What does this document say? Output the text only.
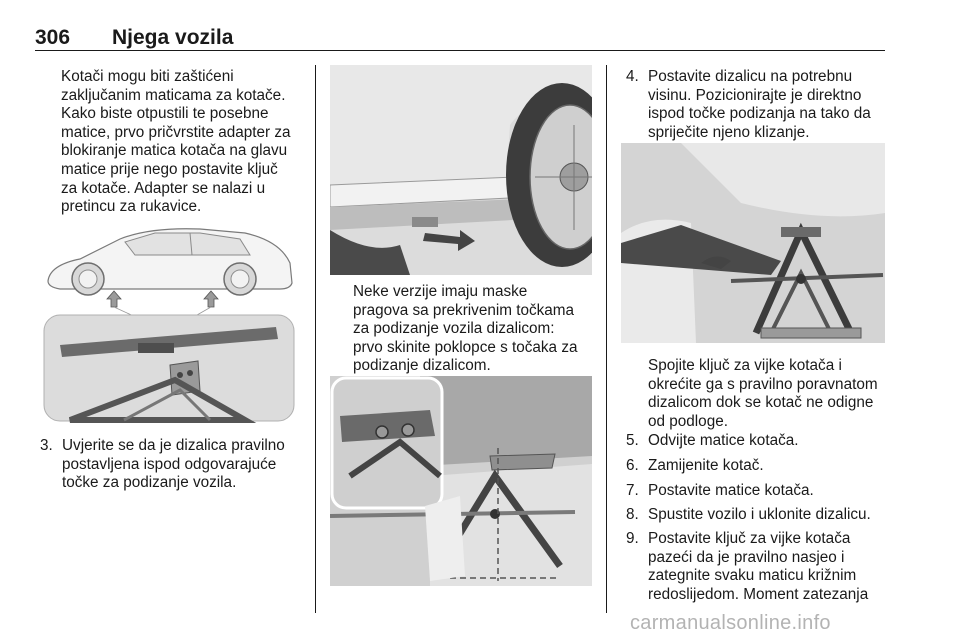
306 Njega vozila
Kotači mogu biti zaštićeni
zaključanim maticama za kotače.
Kako biste otpustili te posebne
matice, prvo pričvrstite adapter za
blokiranje matica kotača na glavu
matice prije nego postavite ključ
za kotače. Adapter se nalazi u
pretincu za rukavice.
3. Uvjerite se da je dizalica pravilno
postavljena ispod odgovarajuće
točke za podizanje vozila.
Neke verzije imaju maske
pragova sa prekrivenim točkama
za podizanje vozila dizalicom:
prvo skinite poklopce s točaka za
podizanje dizalicom.
4. Postavite dizalicu na potrebnu
visinu. Pozicionirajte je direktno
ispod točke podizanja na tako da
spriječite njeno klizanje.
Spojite ključ za vijke kotača i
okrećite ga s pravilno poravnatom
dizalicom dok se kotač ne odigne
od podloge.
5. Odvijte matice kotača.
6. Zamijenite kotač.
7. Postavite matice kotača.
8. Spustite vozilo i uklonite dizalicu.
9. Postavite ključ za vijke kotača
pazeći da je pravilno nasjeo i
zategnite svaku maticu križnim
redoslijedom. Moment zatezanja
carmanualsonline.info
